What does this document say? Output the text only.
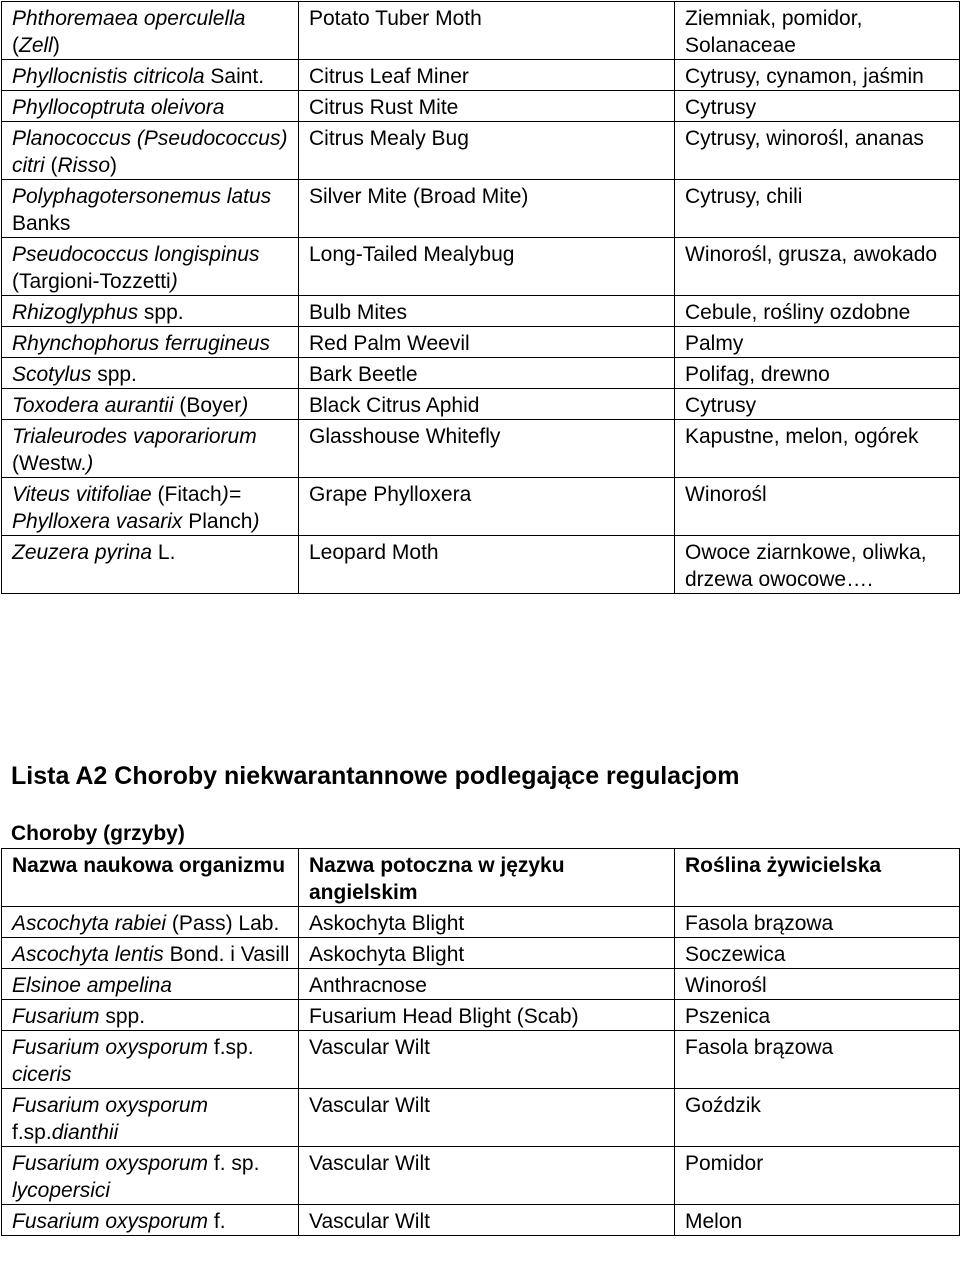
Phthoremaea operculella (Zell)	Potato Tuber Moth	Ziemniak, pomidor, Solanaceae
Phyllocnistis citricola Saint.	Citrus Leaf Miner	Cytrusy, cynamon, jaśmin
Phyllocoptruta oleivora	Citrus Rust Mite	Cytrusy
Planococcus (Pseudococcus) citri (Risso)	Citrus Mealy Bug	Cytrusy, winorośl, ananas
Polyphagotersonemus latus Banks	Silver Mite (Broad Mite)	Cytrusy, chili
Pseudococcus longispinus (Targioni-Tozzetti)	Long-Tailed Mealybug	Winorośl, grusza, awokado
Rhizoglyphus spp.	Bulb Mites	Cebule, rośliny ozdobne
Rhynchophorus ferrugineus	Red Palm Weevil	Palmy
Scotylus spp.	Bark Beetle	Polifag, drewno
Toxodera aurantii (Boyer)	Black Citrus Aphid	Cytrusy
Trialeurodes vaporariorum (Westw.)	Glasshouse Whitefly	Kapustne, melon, ogórek
Viteus vitifoliae (Fitach)= Phylloxera vasarix Planch)	Grape Phylloxera	Winorośl
Zeuzera pyrina L.	Leopard Moth	Owoce ziarnkowe, oliwka, drzewa owocowe….
Lista A2 Choroby niekwarantannowe podlegające regulacjom
Choroby (grzyby)
Nazwa naukowa organizmu	Nazwa potoczna w języku angielskim	Roślina żywicielska
Ascochyta rabiei (Pass) Lab.	Askochyta Blight	Fasola brązowa
Ascochyta lentis Bond. i Vasill	Askochyta Blight	Soczewica
Elsinoe ampelina	Anthracnose	Winorośl
Fusarium spp.	Fusarium Head Blight (Scab)	Pszenica
Fusarium oxysporum f.sp. ciceris	Vascular Wilt	Fasola brązowa
Fusarium oxysporum f.sp.dianthii	Vascular Wilt	Goździk
Fusarium oxysporum f. sp. lycopersici	Vascular Wilt	Pomidor
Fusarium oxysporum f.	Vascular Wilt	Melon
